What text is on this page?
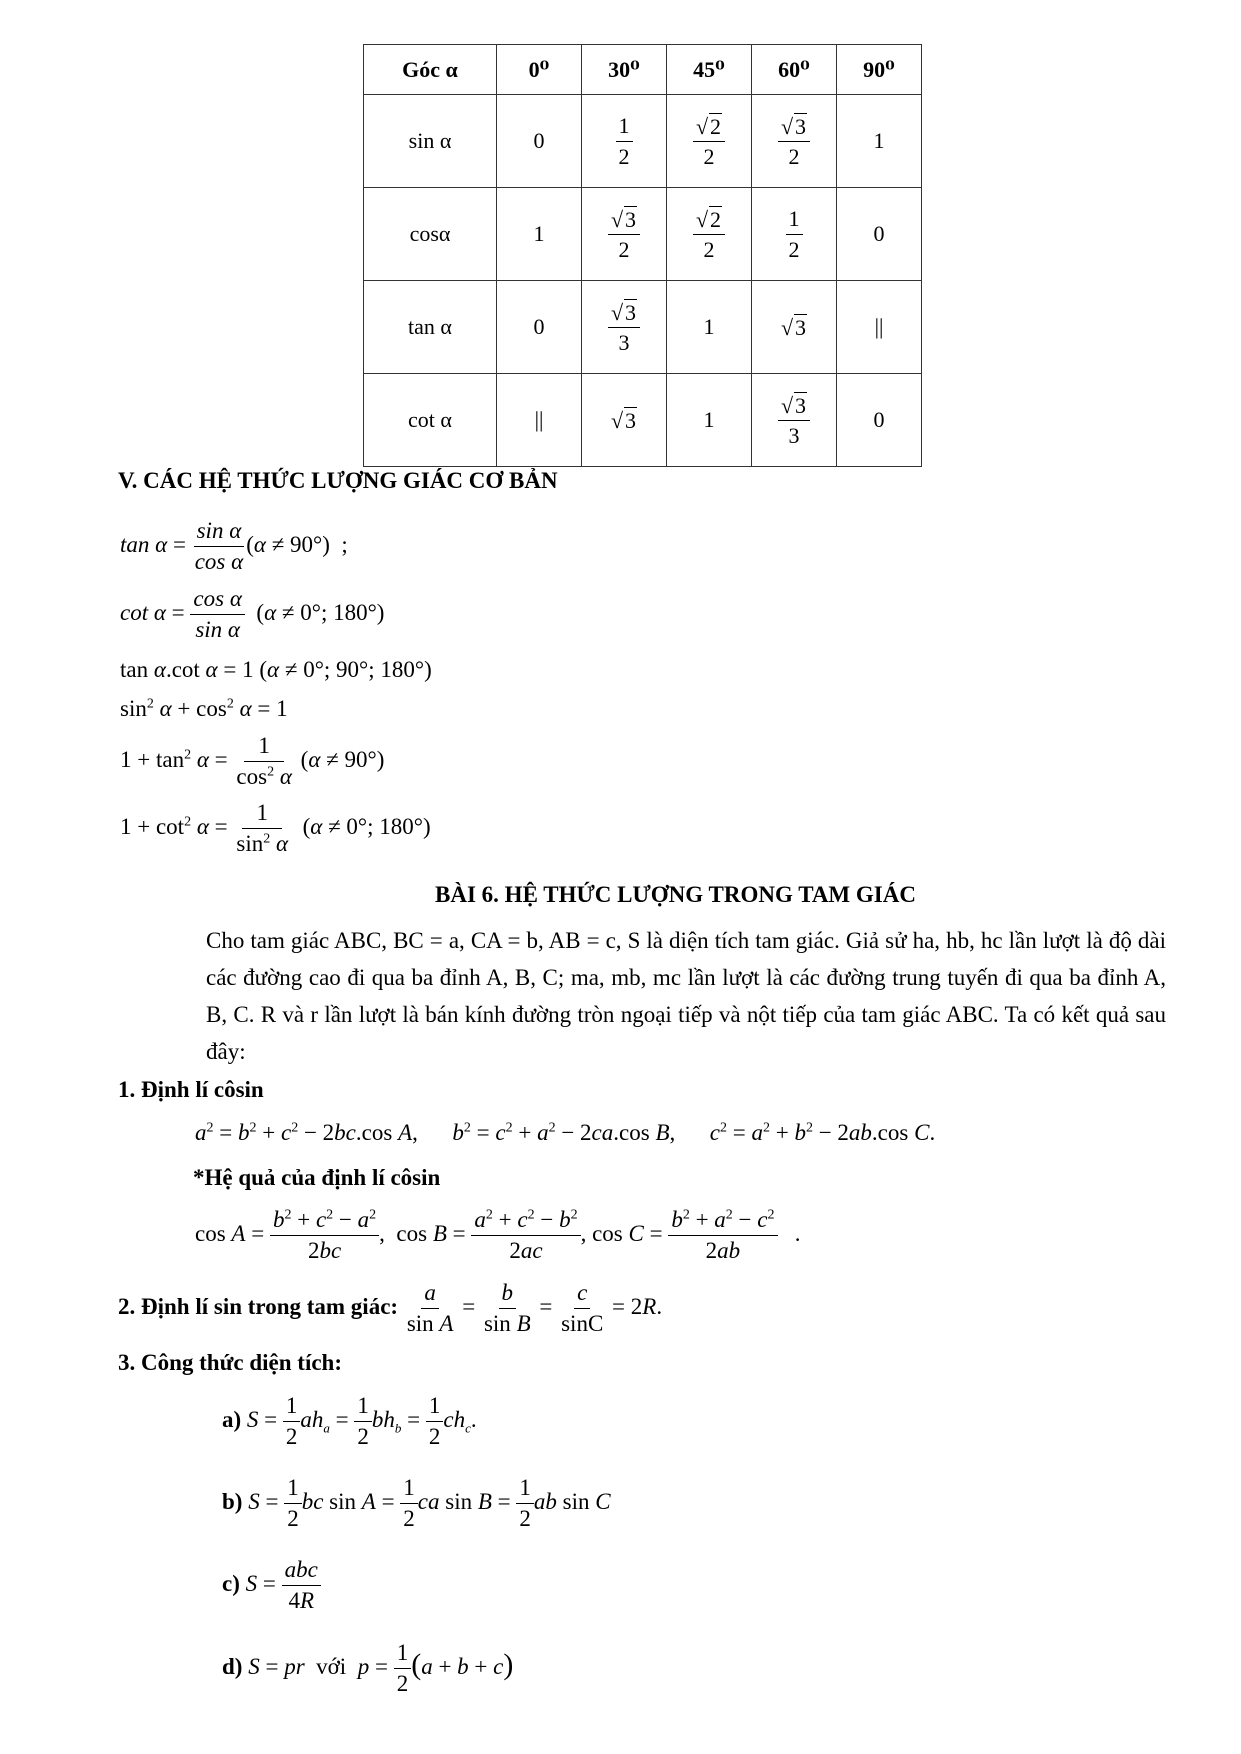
Góc α	0⁰	30⁰	45⁰	60⁰	90⁰
sin α	0	$\frac{1}{2}$	$\frac{√2}{2}$	$\frac{√3}{2}$	1
cosα	1	$\frac{√3}{2}$	$\frac{√2}{2}$	$\frac{1}{2}$	0
tan α	0	$\frac{√3}{3}$	1	√3	||
cot α	||	√3	1	$\frac{√3}{3}$	0
V. CÁC HỆ THỨC LƯỢNG GIÁC CƠ BẢN
$\tan \alpha = \frac{\text{sin α}}{\text{cos α}} (\alpha \ne 90^\circ)$  ;
$\cot \alpha = \frac{\text{cos α}}{\text{sin α}} (\alpha \ne 0^\circ$; 180°)
tan α.cot α = 1 (α ≠ 0°; 90°; 180°)
$\sin^2 \alpha + \cos^2 \alpha = 1$
$1 + \tan^2 \alpha = \frac{1}{\cos^2 \alpha} (\alpha \ne 90^\circ)$
$1 + \cot^2 \alpha = \frac{1}{\sin^2 \alpha} (\alpha \ne 0^\circ$; 180°)
BÀI 6. HỆ THỨC LƯỢNG TRONG TAM GIÁC
Cho tam giác ABC, BC = a, CA = b, AB = c, S là diện tích tam giác. Giả sử ha, hb, hc lần lượt là độ dài các đường cao đi qua ba đỉnh A, B, C; ma, mb, mc lần lượt là các đường trung tuyến đi qua ba đỉnh A, B, C. R và r lần lượt là bán kính đường tròn ngoại tiếp và nột tiếp của tam giác ABC. Ta có kết quả sau đây:
1. Định lí côsin
$a^2 = b^2 + c^2 - 2bc.\cos$ A,      $b^2 = c^2 + a^2 - 2ca.\cos$ B,      $c^2 = a^2 + b^2 - 2ab.\cos$ C.
*Hệ quả của định lí côsin
$\cos A = \frac{b^2 + c^2 - a^2}{2bc}$ ,  $\cos B = \frac{a^2 + c^2 - b^2}{2ac}$ , $\cos C = \frac{b^2 + a^2 - c^2}{2ab}$ .
2. Định lí sin trong tam giác: $\frac{a}{\text{sin A}} = \frac{b}{\text{sin B}} = \frac{c}{\sin C} = 2R$.
3. Công thức diện tích:
a) $S = \frac{1}{2} ah_a = \frac{1}{2} bh_b = \frac{1}{2} ch_c$.
b) $S = \frac{1}{2}$ bc $\sin A = \frac{1}{2}$ ca $\sin B = \frac{1}{2}$ ab sin C
c) $S = \frac{\text{abc}}{4R}$
d) S = pr  với  $p = \frac{1}{2} (a + b + c)$
